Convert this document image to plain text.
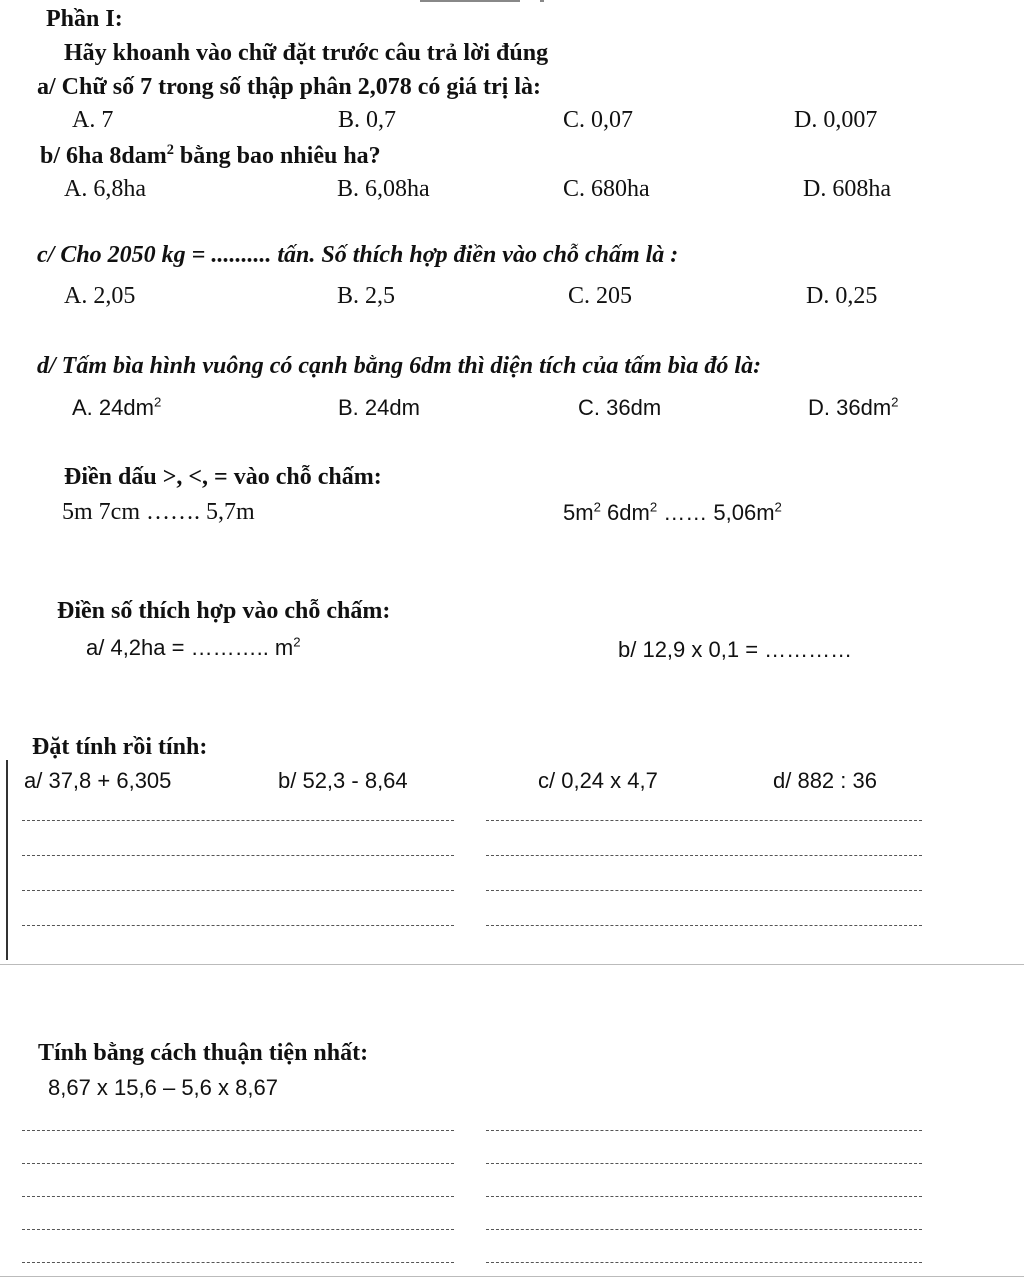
Phần I:
Hãy khoanh vào chữ đặt trước câu trả lời đúng
a/ Chữ số 7 trong số thập phân 2,078 có giá trị là:
A. 7	B. 0,7	C. 0,07	D. 0,007
b/ 6ha 8dam$^2$ bằng bao nhiêu ha?
A. 6,8ha	B. 6,08ha	C. 680ha	D. 608ha
c/ Cho 2050 kg = .......... tấn. Số thích hợp điền vào chỗ chấm là :
A. 2,05	B. 2,5	C. 205	D. 0,25
d/ Tấm bìa hình vuông có cạnh bằng 6dm thì diện tích của tấm bìa đó là:
A. $24dm^2$	B. 24dm	C. 36dm	D. $36dm^2$
Điền dấu >, <, = vào chỗ chấm:
5m 7cm ……. 5,7m	$5m^2$ $6dm^2$ …… $5,06m^2$
Điền số thích hợp vào chỗ chấm:
a/ 4,2ha = ……….. $m^2$	b/ 12,9 x 0,1 = …………
Đặt tính rồi tính:
a/ 37,8 + 6,305	b/ 52,3 - 8,64	c/ 0,24 x 4,7	d/ 882 : 36
Tính bằng cách thuận tiện nhất:
8,67 x 15,6 – 5,6 x 8,67
